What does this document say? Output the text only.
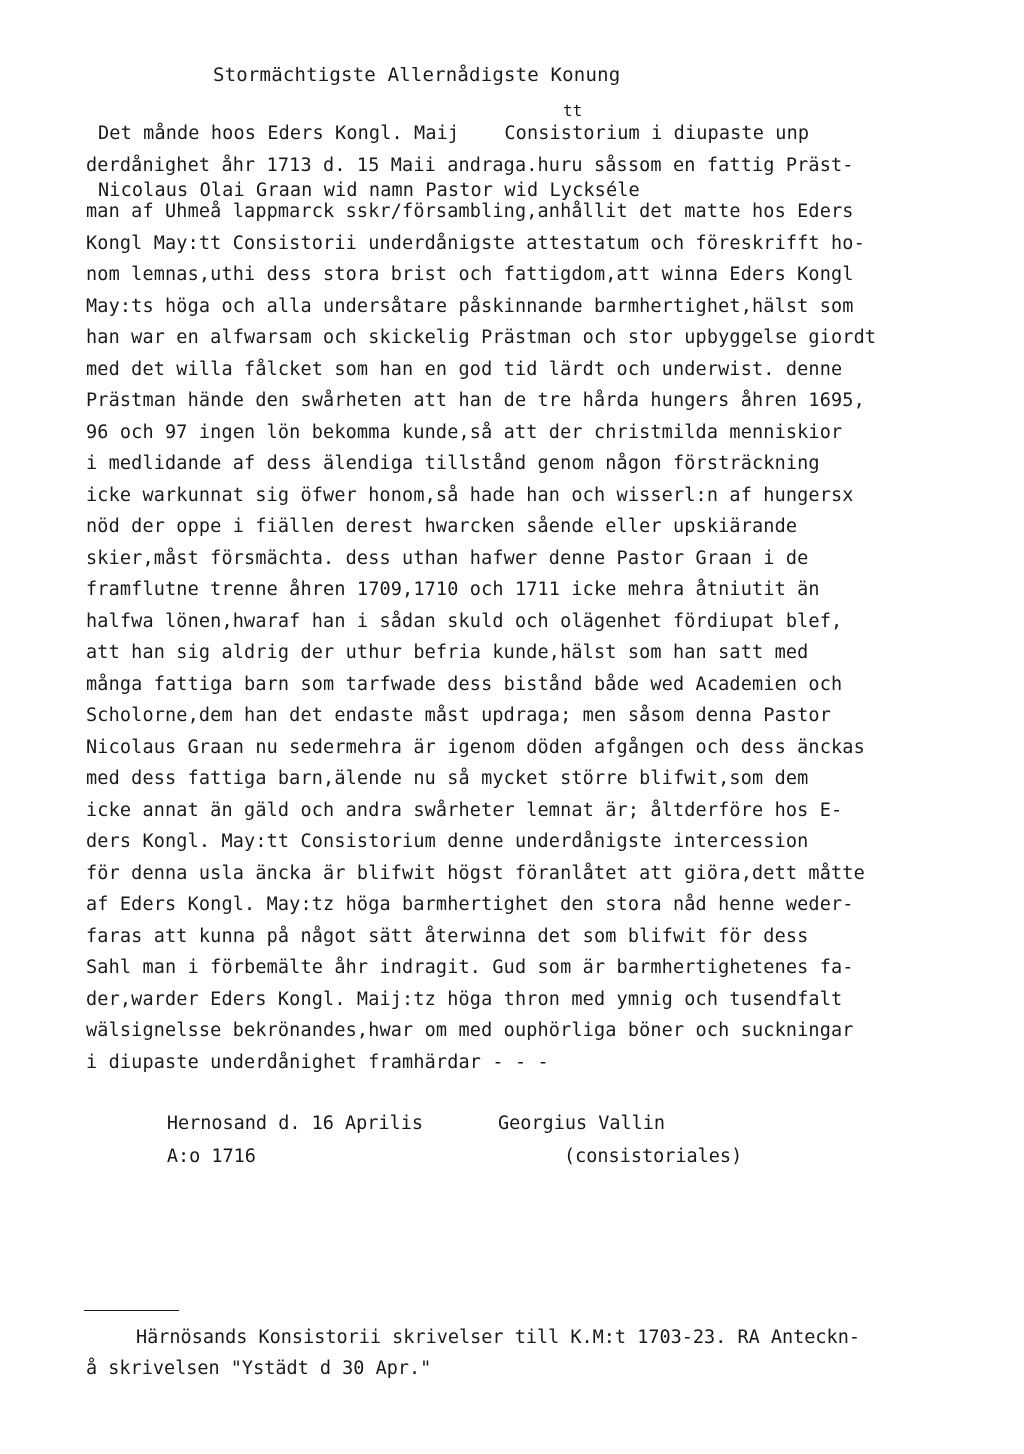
Stormächtigste Allernådigste Konung
tt
Det månde hoos Eders Kongl. Maij    Consistorium i diupaste unp
derdånighet åhr 1713 d. 15 Maii andraga.huru såssom en fattig Präst-
Nicolaus Olai Graan wid namn Pastor wid Lyckséle
man af Uhmeå lappmarck sskr/försambling,anhållit det matte hos Eders
Kongl May:tt Consistorii underdånigste attestatum och föreskrifft ho-
nom lemnas,uthi dess stora brist och fattigdom,att winna Eders Kongl
May:ts höga och alla undersåtare påskinnande barmhertighet,hälst som
han war en alfwarsam och skickelig Prästman och stor upbyggelse giordt
med det willa fålcket som han en god tid lärdt och underwist. denne
Prästman hände den swårheten att han de tre hårda hungers åhren 1695,
96 och 97 ingen lön bekomma kunde,så att der christmilda menniskior
i medlidande af dess älendiga tillstånd genom någon försträckning
icke warkunnat sig öfwer honom,så hade han och wisserl:n af hungersx
nöd der oppe i fiällen derest hwarcken sående eller upskiärande
skier,måst försmächta. dess uthan hafwer denne Pastor Graan i de
framflutne trenne åhren 1709,1710 och 1711 icke mehra åtniutit än
halfwa lönen,hwaraf han i sådan skuld och olägenhet fördiupat blef,
att han sig aldrig der uthur befria kunde,hälst som han satt med
många fattiga barn som tarfwade dess bistånd både wed Academien och
Scholorne,dem han det endaste måst updraga; men såsom denna Pastor
Nicolaus Graan nu sedermehra är igenom döden afgången och dess änckas
med dess fattiga barn,älende nu så mycket större blifwit,som dem
icke annat än gäld och andra swårheter lemnat är; åltderföre hos E-
ders Kongl. May:tt Consistorium denne underdånigste intercession
för denna usla äncka är blifwit högst föranlåtet att giöra,dett måtte
af Eders Kongl. May:tz höga barmhertighet den stora nåd henne weder-
faras att kunna på något sätt återwinna det som blifwit för dess
Sahl man i förbemälte åhr indragit. Gud som är barmhertighetenes fa-
der,warder Eders Kongl. Maij:tz höga thron med ymnig och tusendfalt
wälsignelsse bekrönandes,hwar om med ouphörliga böner och suckningar
i diupaste underdånighet framhärdar - - -

Hernosand d. 16 Aprilis

A:o 1716

Georgius Vallin

(consistoriales)

Härnösands Konsistorii skrivelser till K.M:t 1703-23. RA Anteckn-
å skrivelsen "Ystädt d 30 Apr."
